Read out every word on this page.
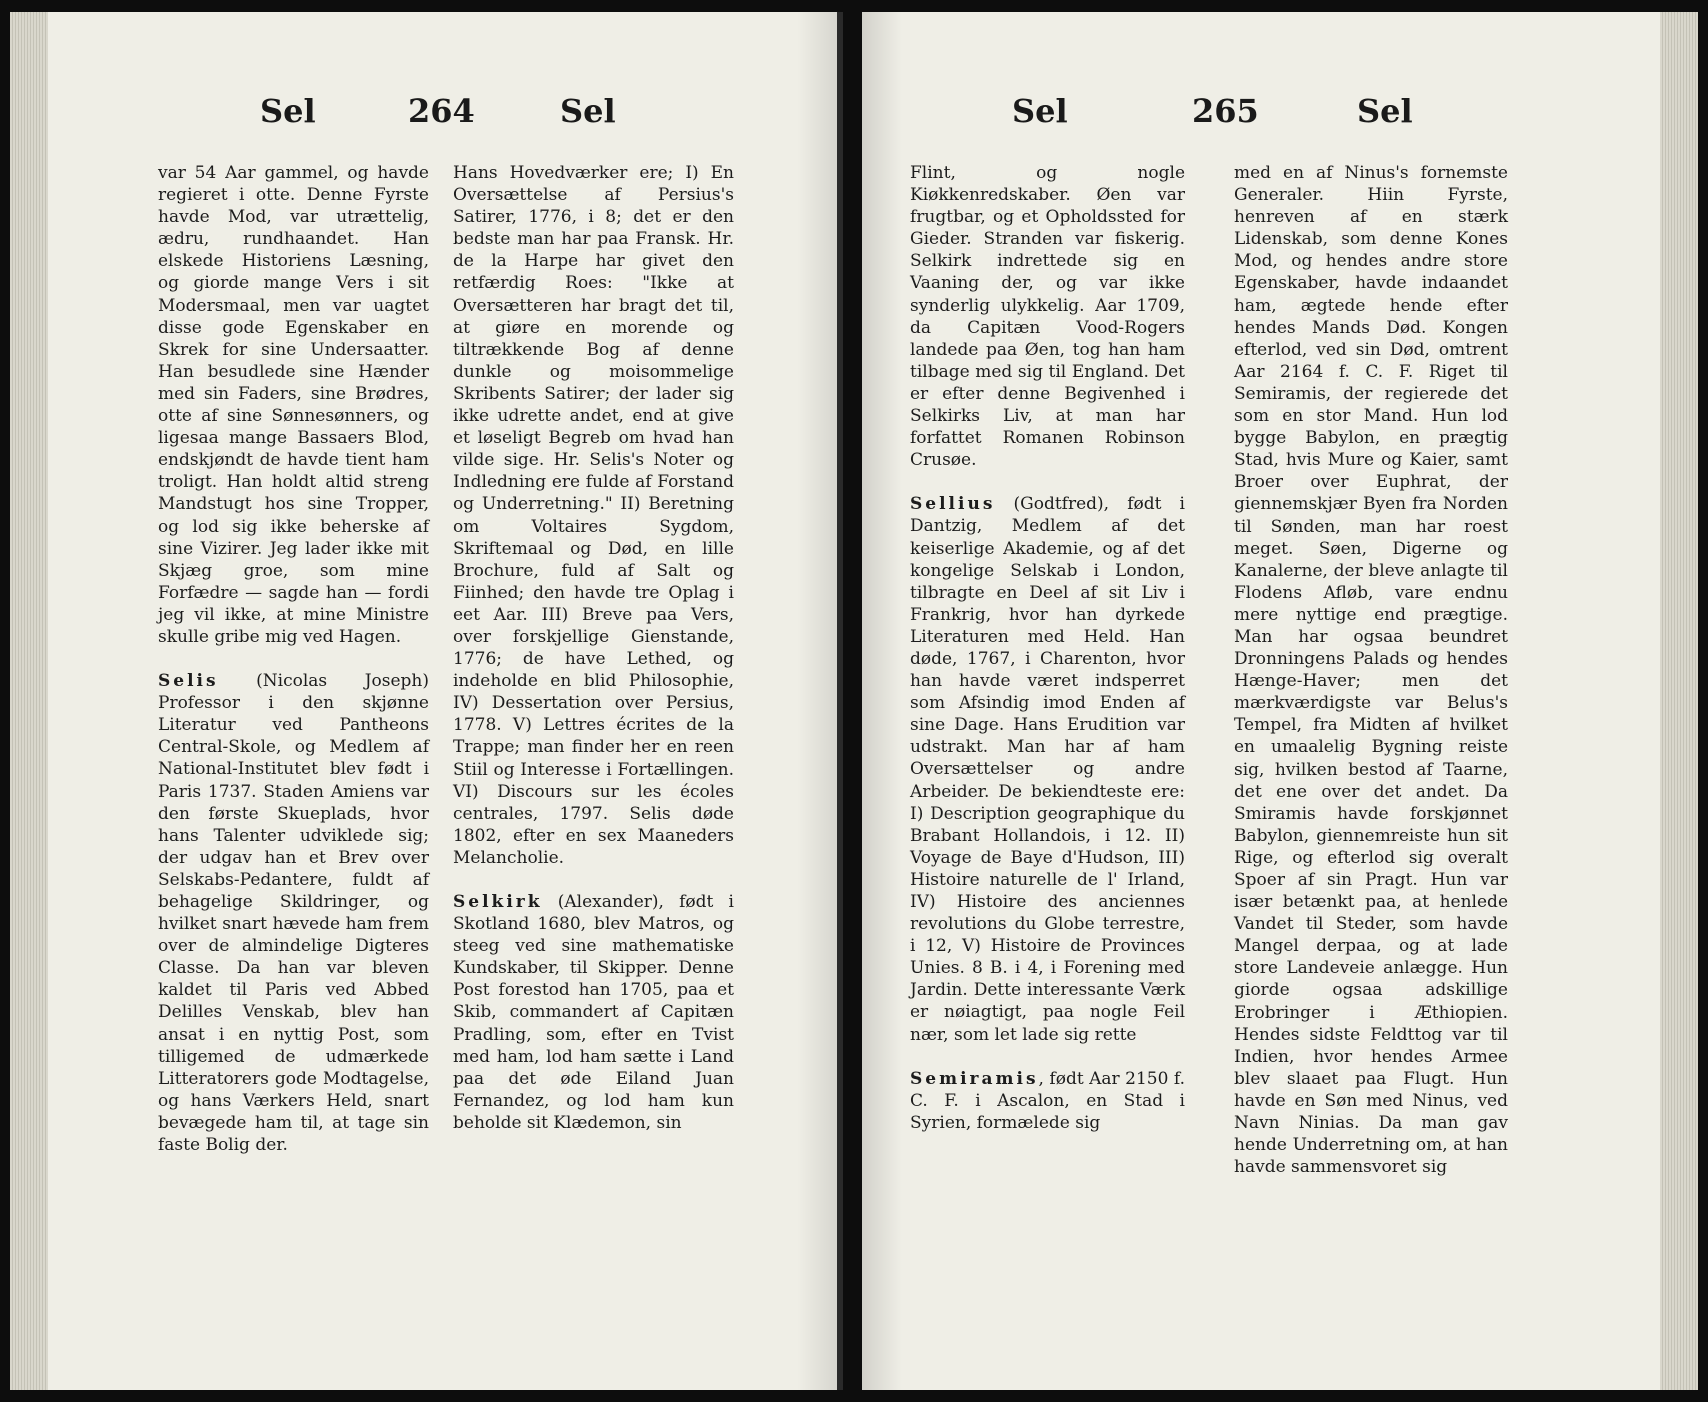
Sel	264	Sel

var 54 Aar gammel, og havde regieret i otte. Denne Fyrste havde Mod, var utrættelig, ædru, rundhaandet. Han elskede Historiens Læsning, og giorde mange Vers i sit Modersmaal, men var uagtet disse gode Egenskaber en Skrek for sine Undersaatter. Han besudlede sine Hænder med sin Faders, sine Brødres, otte af sine Sønnesønners, og ligesaa mange Bassaers Blod, endskjøndt de havde tient ham troligt. Han holdt altid streng Mandstugt hos sine Tropper, og lod sig ikke beherske af sine Vizirer. Jeg lader ikke mit Skjæg groe, som mine Forfædre — sagde han — fordi jeg vil ikke, at mine Ministre skulle gribe mig ved Hagen.

Selis (Nicolas Joseph) Professor i den skjønne Literatur ved Pantheons Central-Skole, og Medlem af National-Institutet blev født i Paris 1737. Staden Amiens var den første Skueplads, hvor hans Talenter udviklede sig; der udgav han et Brev over Selskabs-Pedantere, fuldt af behagelige Skildringer, og hvilket snart hævede ham frem over de almindelige Digteres Classe. Da han var bleven kaldet til Paris ved Abbed Delilles Venskab, blev han ansat i en nyttig Post, som tilligemed de udmærkede Litteratorers gode Modtagelse, og hans Værkers Held, snart bevægede ham til, at tage sin faste Bolig der.

Hans Hovedværker ere; I) En Oversættelse af Persius's Satirer, 1776, i 8; det er den bedste man har paa Fransk. Hr. de la Harpe har givet den retfærdig Roes: "Ikke at Oversætteren har bragt det til, at giøre en morende og tiltrækkende Bog af denne dunkle og moisommelige Skribents Satirer; der lader sig ikke udrette andet, end at give et løseligt Begreb om hvad han vilde sige. Hr. Selis's Noter og Indledning ere fulde af Forstand og Underretning." II) Beretning om Voltaires Sygdom, Skriftemaal og Død, en lille Brochure, fuld af Salt og Fiinhed; den havde tre Oplag i eet Aar. III) Breve paa Vers, over forskjellige Gienstande, 1776; de have Lethed, og indeholde en blid Philosophie, IV) Dessertation over Persius, 1778. V) Lettres écrites de la Trappe; man finder her en reen Stiil og Interesse i Fortællingen. VI) Discours sur les écoles centrales, 1797. Selis døde 1802, efter en sex Maaneders Melancholie.

Selkirk (Alexander), født i Skotland 1680, blev Matros, og steeg ved sine mathematiske Kundskaber, til Skipper. Denne Post forestod han 1705, paa et Skib, commandert af Capitæn Pradling, som, efter en Tvist med ham, lod ham sætte i Land paa det øde Eiland Juan Fernandez, og lod ham kun beholde sit Klædemon, sin

Sel	265	Sel

Flint, og nogle Kiøkkenredskaber. Øen var frugtbar, og et Opholdssted for Gieder. Stranden var fiskerig. Selkirk indrettede sig en Vaaning der, og var ikke synderlig ulykkelig. Aar 1709, da Capitæn Vood-Rogers landede paa Øen, tog han ham tilbage med sig til England. Det er efter denne Begivenhed i Selkirks Liv, at man har forfattet Romanen Robinson Crusøe.

Sellius (Godtfred), født i Dantzig, Medlem af det keiserlige Akademie, og af det kongelige Selskab i London, tilbragte en Deel af sit Liv i Frankrig, hvor han dyrkede Literaturen med Held. Han døde, 1767, i Charenton, hvor han havde været indsperret som Afsindig imod Enden af sine Dage. Hans Erudition var udstrakt. Man har af ham Oversættelser og andre Arbeider. De bekiendteste ere: I) Description geographique du Brabant Hollandois, i 12. II) Voyage de Baye d'Hudson, III) Histoire naturelle de l' Irland, IV) Histoire des anciennes revolutions du Globe terrestre, i 12, V) Histoire de Provinces Unies. 8 B. i 4, i Forening med Jardin. Dette interessante Værk er nøiagtigt, paa nogle Feil nær, som let lade sig rette

Semiramis, født Aar 2150 f. C. F. i Ascalon, en Stad i Syrien, formælede sig

med en af Ninus's fornemste Generaler. Hiin Fyrste, henreven af en stærk Lidenskab, som denne Kones Mod, og hendes andre store Egenskaber, havde indaandet ham, ægtede hende efter hendes Mands Død. Kongen efterlod, ved sin Død, omtrent Aar 2164 f. C. F. Riget til Semiramis, der regierede det som en stor Mand. Hun lod bygge Babylon, en prægtig Stad, hvis Mure og Kaier, samt Broer over Euphrat, der giennemskjær Byen fra Norden til Sønden, man har roest meget. Søen, Digerne og Kanalerne, der bleve anlagte til Flodens Afløb, vare endnu mere nyttige end prægtige. Man har ogsaa beundret Dronningens Palads og hendes Hænge-Haver; men det mærkværdigste var Belus's Tempel, fra Midten af hvilket en umaalelig Bygning reiste sig, hvilken bestod af Taarne, det ene over det andet. Da Smiramis havde forskjønnet Babylon, giennemreiste hun sit Rige, og efterlod sig overalt Spoer af sin Pragt. Hun var især betænkt paa, at henlede Vandet til Steder, som havde Mangel derpaa, og at lade store Landeveie anlægge. Hun giorde ogsaa adskillige Erobringer i Æthiopien. Hendes sidste Feldttog var til Indien, hvor hendes Armee blev slaaet paa Flugt. Hun havde en Søn med Ninus, ved Navn Ninias. Da man gav hende Underretning om, at han havde sammensvoret sig
